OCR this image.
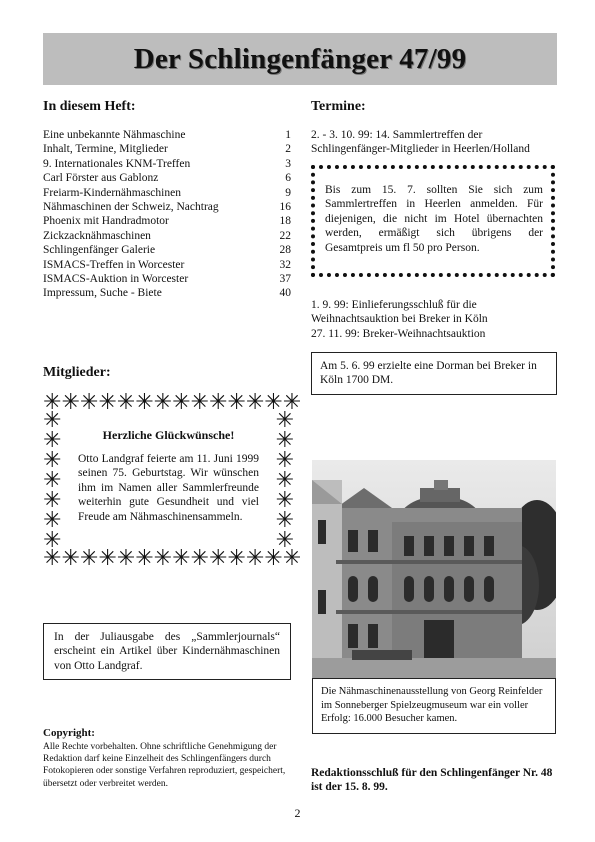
Der Schlingenfänger 47/99
In diesem Heft:
Eine unbekannte Nähmaschine	1
Inhalt, Termine, Mitglieder	2
9. Internationales KNM-Treffen	3
Carl Förster aus Gablonz	6
Freiarm-Kindernähmaschinen	9
Nähmaschinen der Schweiz, Nachtrag	16
Phoenix mit Handradmotor	18
Zickzacknähmaschinen	22
Schlingenfänger Galerie	28
ISMACS-Treffen in Worcester	32
ISMACS-Auktion in Worcester	37
Impressum, Suche - Biete	40
Termine:
2. - 3. 10. 99: 14. Sammlertreffen der Schlingenfänger-Mitglieder in Heerlen/Holland
Bis zum 15. 7. sollten Sie sich zum Sammlertreffen in Heerlen anmelden. Für diejenigen, die nicht im Hotel übernachten werden, ermäßigt sich übrigens der Gesamtpreis um fl 50 pro Person.
1. 9. 99: Einlieferungsschluß für die Weihnachtsauktion bei Breker in Köln
27. 11. 99: Breker-Weihnachtsauktion
Am 5. 6. 99 erzielte eine Dorman bei Breker in Köln 1700 DM.
Mitglieder:
✳ ✳ ✳ ✳ ✳ ✳ ✳ ✳ ✳ ✳ ✳ ✳ ✳ ✳
✳
✳
✳
✳
✳
✳
✳
✳
✳
✳
✳
✳
✳
✳
✳ ✳ ✳ ✳ ✳ ✳ ✳ ✳ ✳ ✳ ✳ ✳ ✳ ✳
Herzliche Glückwünsche!
Otto Landgraf feierte am 11. Juni 1999 seinen 75. Geburtstag. Wir wünschen ihm im Namen aller Sammlerfreunde weiterhin gute Gesundheit und viel Freude am Nähmaschinensammeln.
In der Juliausgabe des „Sammlerjournals“ erscheint ein Artikel über Kindernähmaschinen von Otto Landgraf.
Die Nähmaschinenausstellung von Georg Reinfelder im Sonneberger Spielzeugmuseum war ein voller Erfolg: 16.000 Besucher kamen.
Copyright:
Alle Rechte vorbehalten. Ohne schriftliche Genehmigung der Redaktion darf keine Einzelheit des Schlingenfängers durch Fotokopieren oder sonstige Verfahren reproduziert, gespeichert, übersetzt oder verbreitet werden.
Redaktionsschluß für den Schlingenfänger Nr. 48 ist der 15. 8. 99.
2
